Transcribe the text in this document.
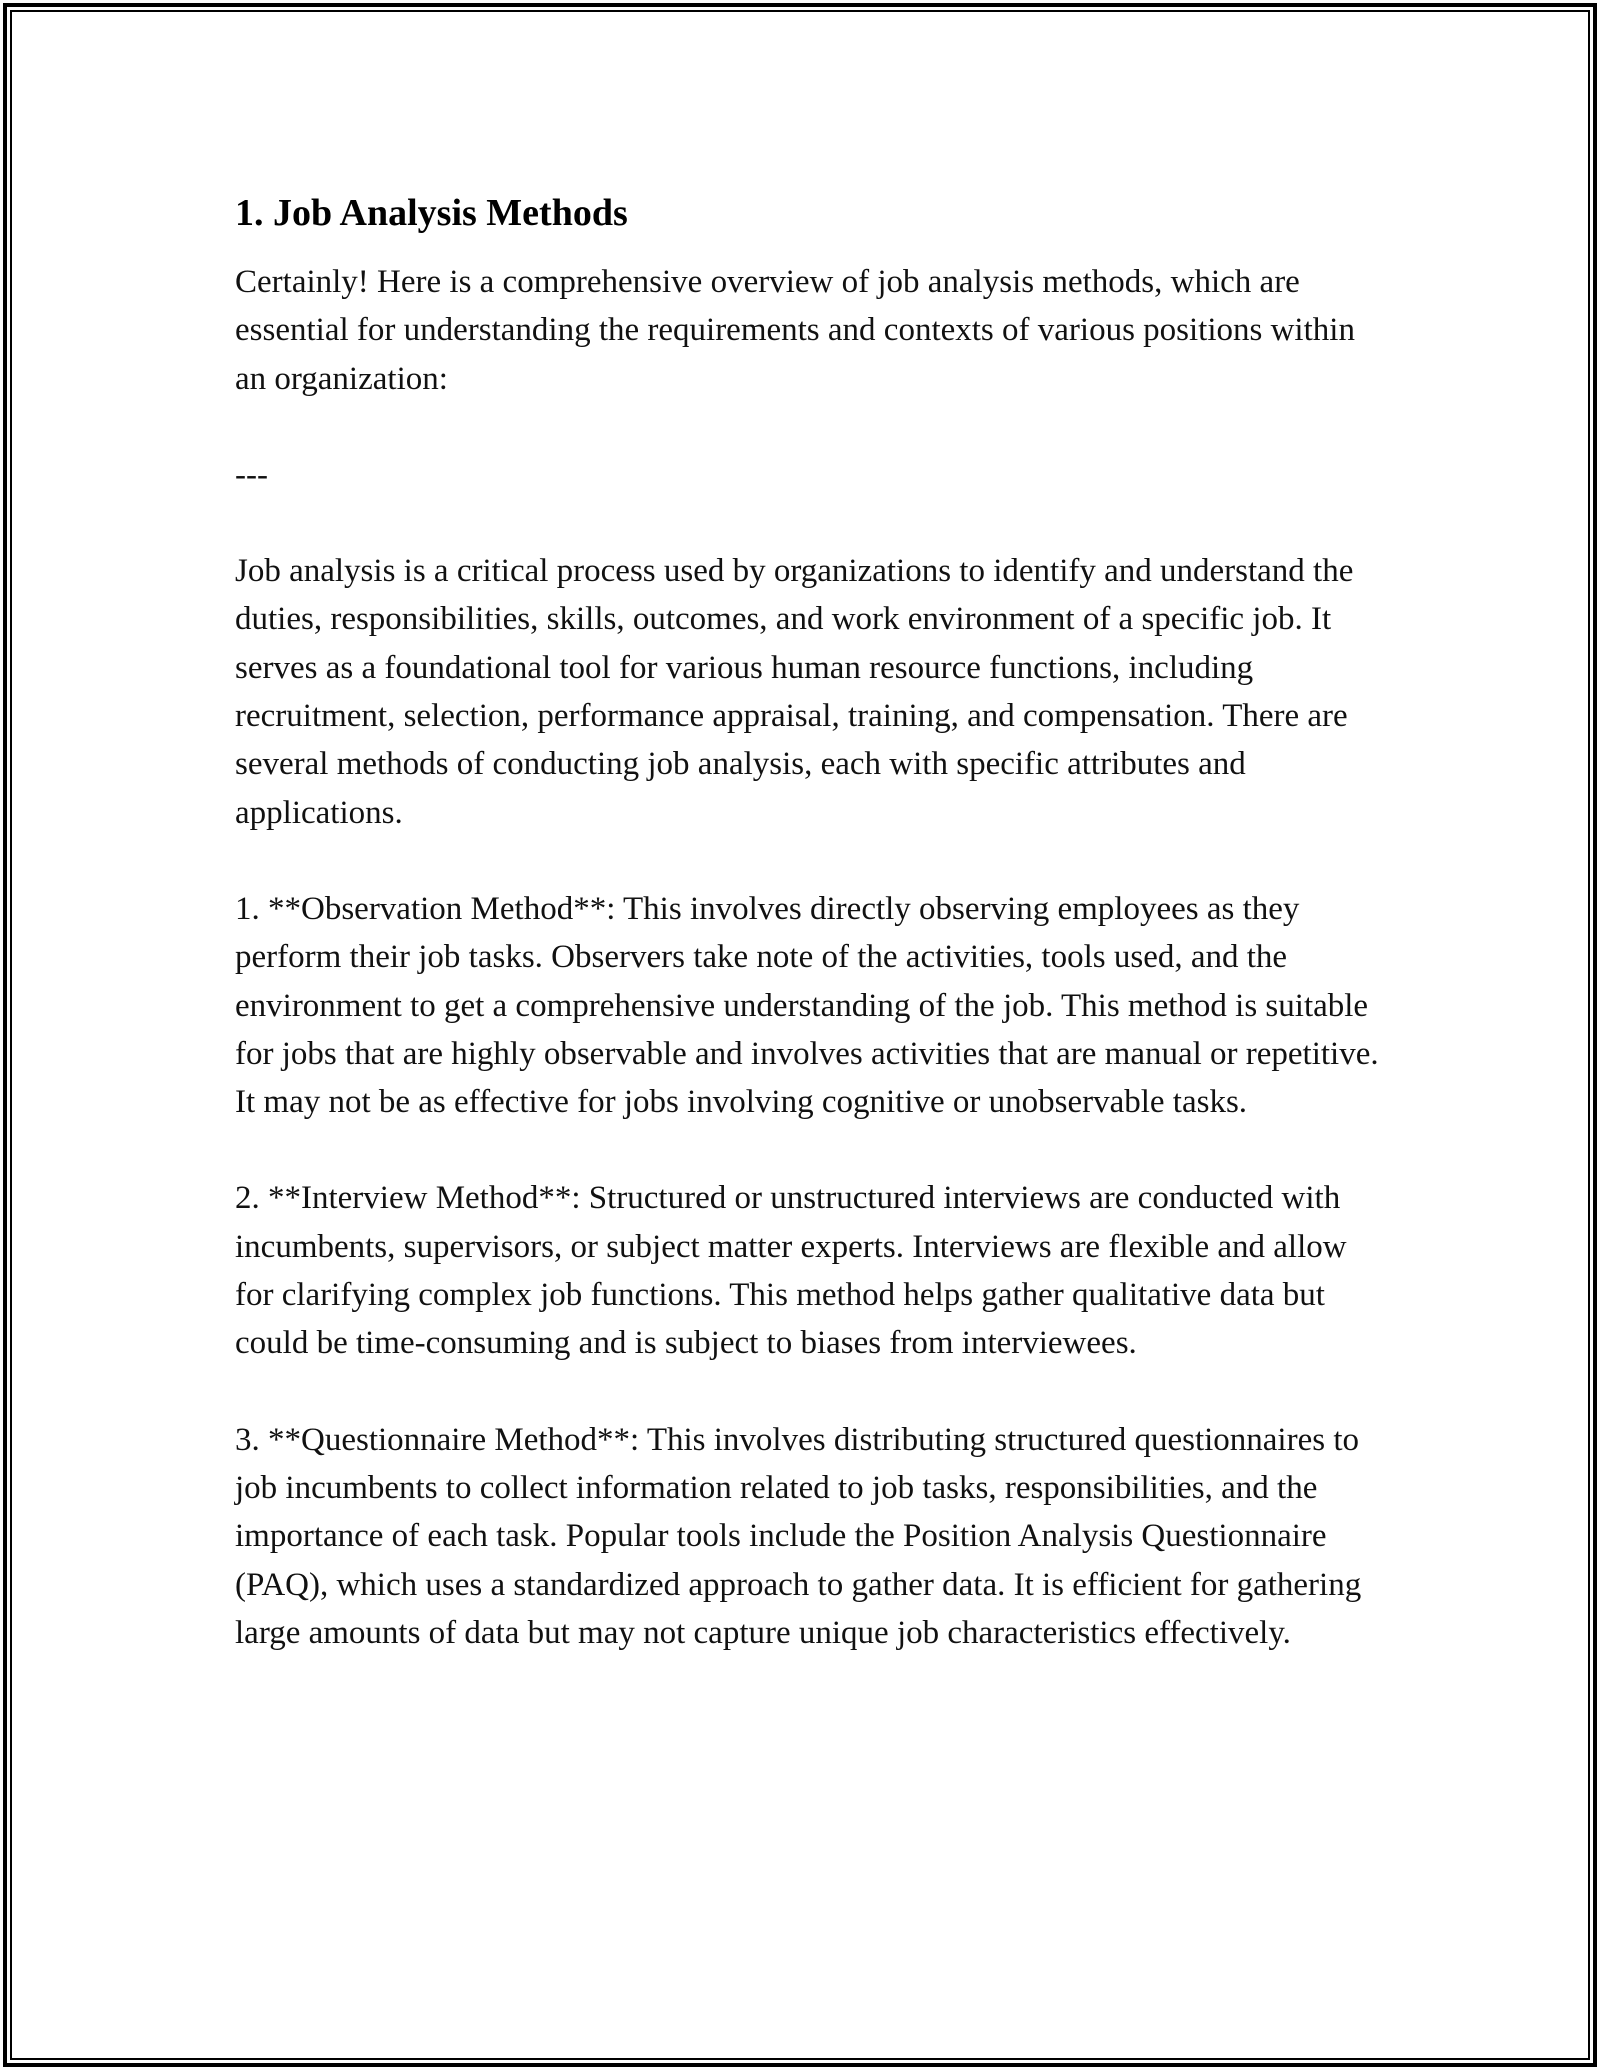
1. Job Analysis Methods

Certainly! Here is a comprehensive overview of job analysis methods, which are essential for understanding the requirements and contexts of various positions within an organization:

---

Job analysis is a critical process used by organizations to identify and understand the duties, responsibilities, skills, outcomes, and work environment of a specific job. It serves as a foundational tool for various human resource functions, including recruitment, selection, performance appraisal, training, and compensation. There are several methods of conducting job analysis, each with specific attributes and applications.

1. **Observation Method**: This involves directly observing employees as they perform their job tasks. Observers take note of the activities, tools used, and the environment to get a comprehensive understanding of the job. This method is suitable for jobs that are highly observable and involves activities that are manual or repetitive. It may not be as effective for jobs involving cognitive or unobservable tasks.

2. **Interview Method**: Structured or unstructured interviews are conducted with incumbents, supervisors, or subject matter experts. Interviews are flexible and allow for clarifying complex job functions. This method helps gather qualitative data but could be time-consuming and is subject to biases from interviewees.

3. **Questionnaire Method**: This involves distributing structured questionnaires to job incumbents to collect information related to job tasks, responsibilities, and the importance of each task. Popular tools include the Position Analysis Questionnaire (PAQ), which uses a standardized approach to gather data. It is efficient for gathering large amounts of data but may not capture unique job characteristics effectively.
